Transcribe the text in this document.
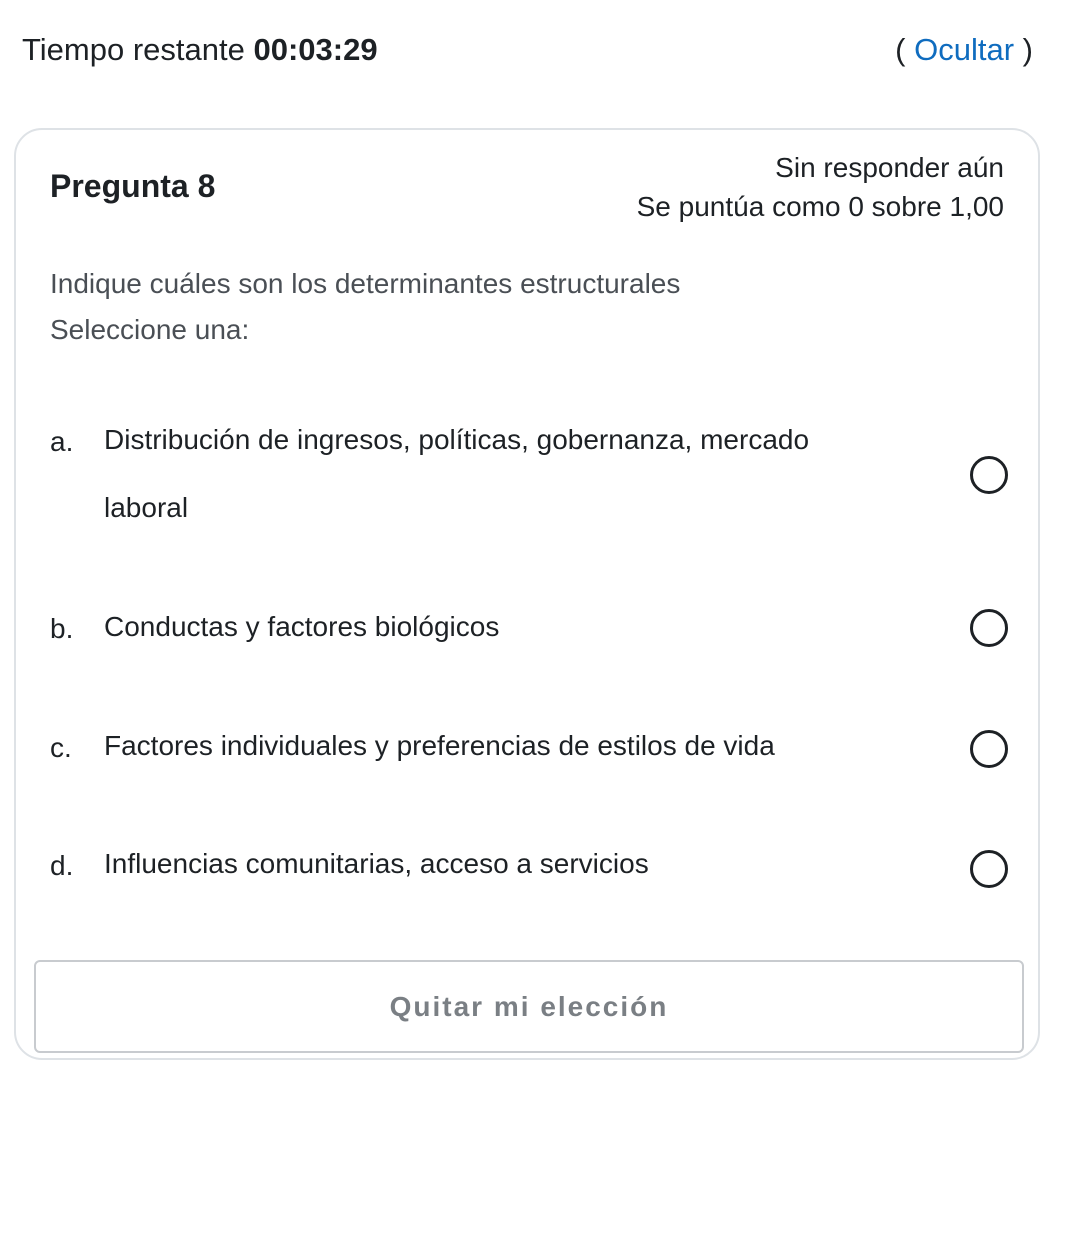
Tiempo restante 00:03:29	( Ocultar )
Pregunta 8
Sin responder aún
Se puntúa como 0 sobre 1,00
Indique cuáles son los determinantes estructurales
Seleccione una:
a. Distribución de ingresos, políticas, gobernanza, mercado laboral
b. Conductas y factores biológicos
c. Factores individuales y preferencias de estilos de vida
d. Influencias comunitarias, acceso a servicios
Quitar mi elección
